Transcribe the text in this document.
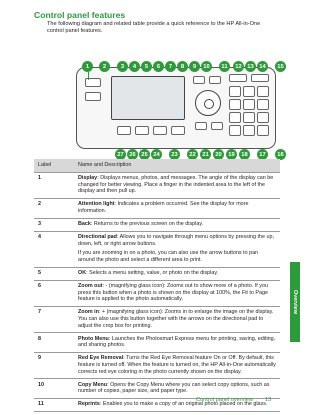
Control panel features

The following diagram and related table provide a quick reference to the HP All-in-One control panel features.

1	2	3	4	5	6	7	8	9	10	11	12 13 14	15
27 26 25 24	23	22	21	20	19	18	17	16
Label	Name and Description
1	Display: Displays menus, photos, and messages. The angle of the display can be changed for better viewing. Place a finger in the indented area to the left of the display and then pull up.

2	Attention light: Indicates a problem occurred. See the display for more information.

3	Back: Returns to the previous screen on the display.

4	Directional pad: Allows you to navigate through menu options by pressing the up, down, left, or right arrow buttons.

If you are zooming in on a photo, you can also use the arrow buttons to pan around the photo and select a different area to print.

5	OK: Selects a menu setting, value, or photo on the display.

6	Zoom out: - (magnifying glass icon): Zooms out to show more of a photo. If you press this button when a photo is shown on the display at 100%, the Fit to Page feature is applied to the photo automatically.

7	Zoom in: + (magnifying glass icon): Zooms in to enlarge the image on the display. You can also use this button together with the arrows on the directional pad to adjust the crop box for printing.

8	Photo Menu: Launches the Photosmart Express menu for printing, saving, editing, and sharing photos.

9	Red Eye Removal: Turns the Red Eye Removal feature On or Off. By default, this feature is turned off. When the feature is turned on, the HP All-in-One automatically corrects red eye coloring in the photo currently shown on the display.

10	Copy Menu: Opens the Copy Menu where you can select copy options, such as number of copies, paper size, and paper type.

11	Reprints: Enables you to make a copy of an original photo placed on the glass.

Overview
Control panel overview 13
